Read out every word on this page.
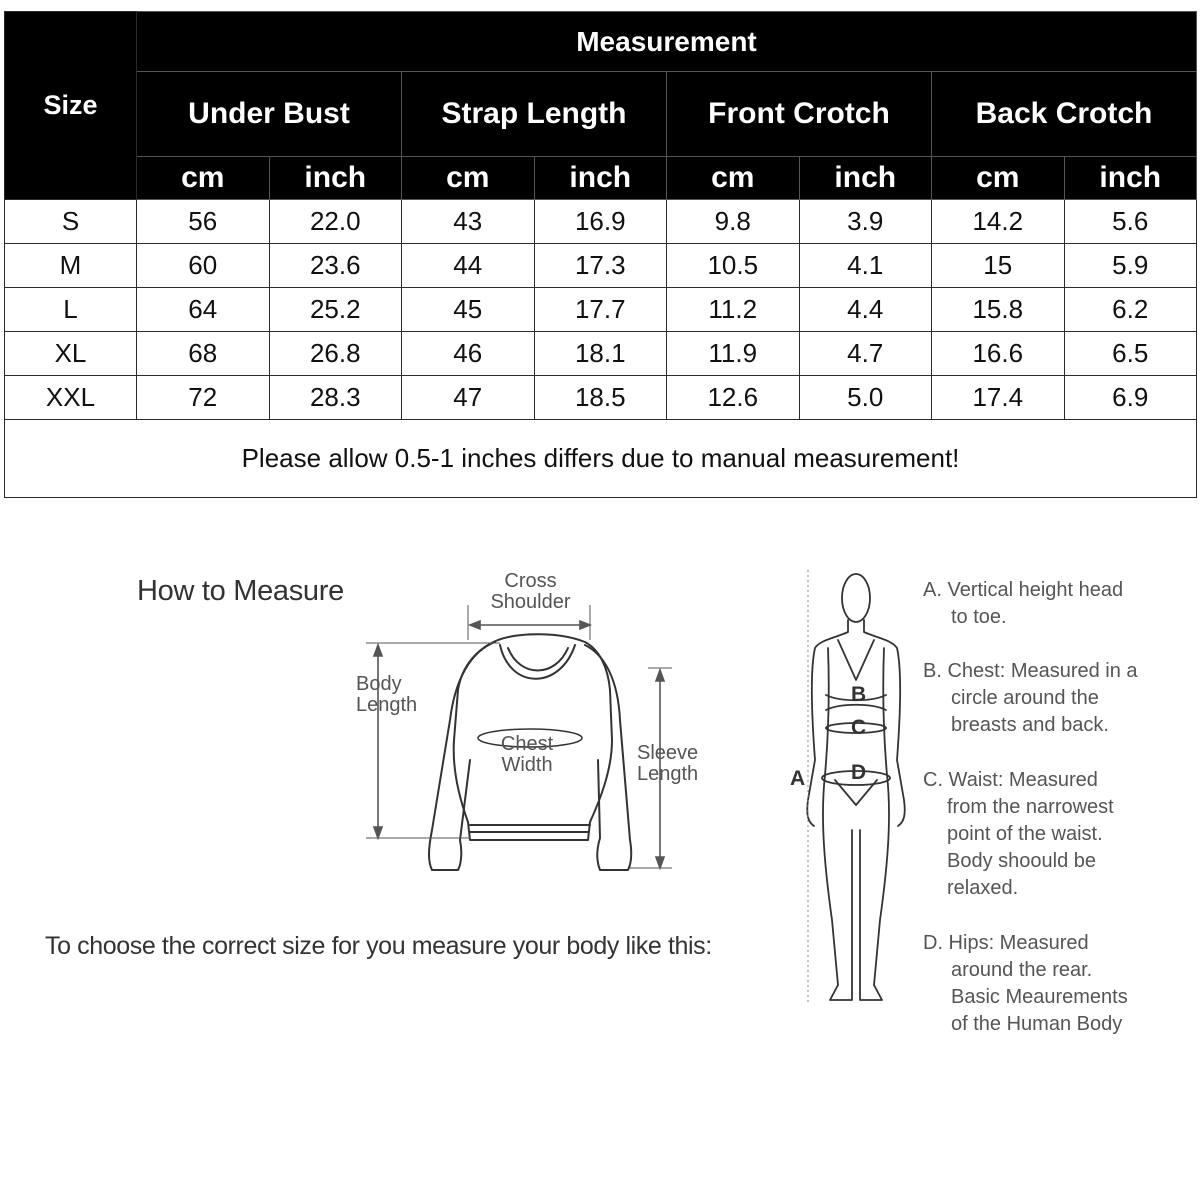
Size	Measurement							
	Under Bust		Strap Length		Front Crotch		Back Crotch	
	cm	inch	cm	inch	cm	inch	cm	inch
S	56	22.0	43	16.9	9.8	3.9	14.2	5.6
M	60	23.6	44	17.3	10.5	4.1	15	5.9
L	64	25.2	45	17.7	11.2	4.4	15.8	6.2
XL	68	26.8	46	18.1	11.9	4.7	16.6	6.5
XXL	72	28.3	47	18.5	12.6	5.0	17.4	6.9
Please allow 0.5-1 inches differs due to manual measurement!								
How to Measure	Cross
Shoulder
Body
Length
Chest
Width
Sleeve
Length	A
B
C
D
To choose the correct size for you measure your body like this:
A. Vertical height head
to toe.
B. Chest: Measured in a
circle around the
breasts and back.
C. Waist: Measured
from the narrowest
point of the waist.
Body shoould be
relaxed.
D. Hips: Measured
around the rear.
Basic Meaurements
of the Human Body
